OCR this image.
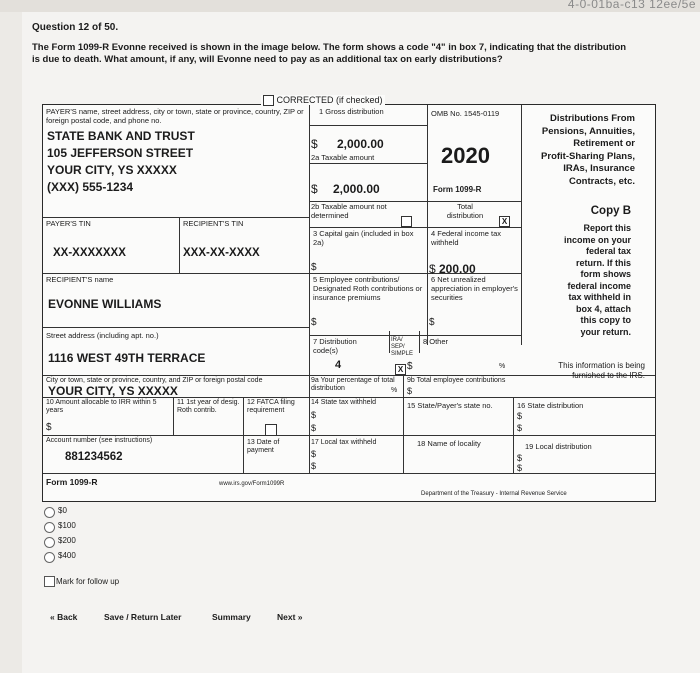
4-0-01ba-c13 12ee/5e
Question 12 of 50.
The Form 1099-R Evonne received is shown in the image below. The form shows a code "4" in box 7, indicating that the distribution is due to death. What amount, if any, will Evonne need to pay as an additional tax on early distributions?
CORRECTED (if checked)
PAYER'S name, street address, city or town, state or province, country, ZIP or foreign postal code, and phone no.
STATE BANK AND TRUST
105 JEFFERSON STREET
YOUR CITY, YS XXXXX
(XXX) 555-1234
1 Gross distribution
$ 2,000.00
2a Taxable amount
$ 2,000.00
2b Taxable amount not determined
Total distribution
X
OMB No. 1545-0119
2020
Form 1099-R
Distributions From
Pensions, Annuities,
Retirement or
Profit-Sharing Plans,
IRAs, Insurance
Contracts, etc.
Copy B
Report this
income on your
federal tax
return. If this
form shows
federal income
tax withheld in
box 4, attach
this copy to
your return.
PAYER'S TIN
XX-XXXXXXX
RECIPIENT'S TIN
XXX-XX-XXXX
3 Capital gain (included in box 2a)
$
4 Federal income tax withheld
$ 200.00
RECIPIENT'S name
EVONNE WILLIAMS
5 Employee contributions/ Designated Roth contributions or insurance premiums
$
6 Net unrealized appreciation in employer's securities
$
Street address (including apt. no.)
1116 WEST 49TH TERRACE
7 Distribution code(s)
4
IRA/ SEP/ SIMPLE
X $
8 Other
%	This information is being furnished to the IRS.
City or town, state or province, country, and ZIP or foreign postal code
YOUR CITY, YS XXXXX
9a Your percentage of total distribution	%
9b Total employee contributions
$
10 Amount allocable to IRR within 5 years
$
11 1st year of desig. Roth contrib.
12 FATCA filing requirement
14 State tax withheld
$
$
15 State/Payer's state no.	16 State distribution
$
$
Account number (see instructions)
881234562
13 Date of payment
17 Local tax withheld
$
$
18 Name of locality	19 Local distribution
$
$
Form 1099-R	www.irs.gov/Form1099R
Department of the Treasury - Internal Revenue Service
$0
$100
$200
$400
Mark for follow up
« Back	Save / Return Later	Summary	Next »
